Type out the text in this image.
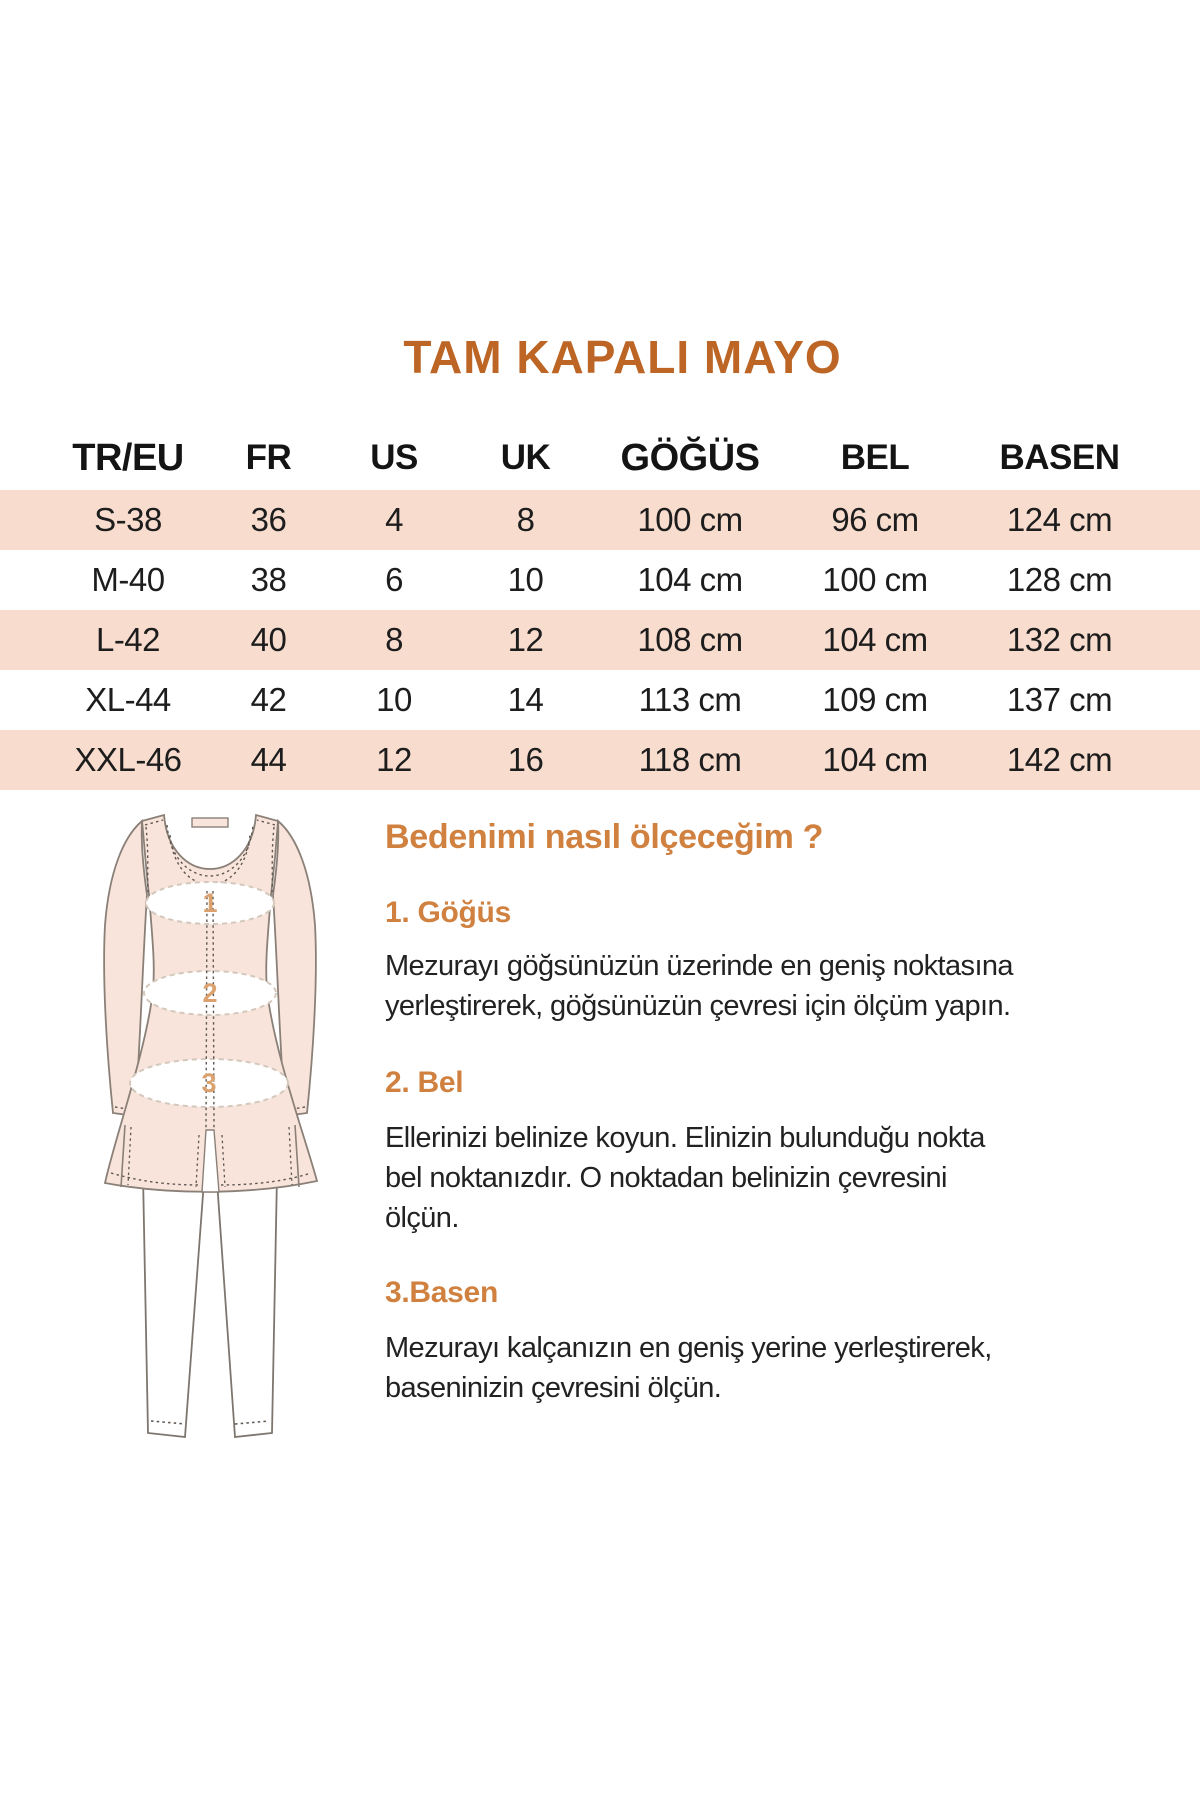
TAM KAPALI MAYO
TR/EU	FR	US	UK	GÖĞÜS	BEL	BASEN
S-38	36	4	8	100 cm	96 cm	124 cm
M-40	38	6	10	104 cm	100 cm	128 cm
L-42	40	8	12	108 cm	104 cm	132 cm
XL-44	42	10	14	113 cm	109 cm	137 cm
XXL-46	44	12	16	118 cm	104 cm	142 cm
1
2
3
Bedenimi nasıl ölçeceğim ?
1. Göğüs
Mezurayı göğsünüzün üzerinde en geniş noktasına
yerleştirerek, göğsünüzün çevresi için ölçüm yapın.
2. Bel
Ellerinizi belinize koyun. Elinizin bulunduğu nokta
bel noktanızdır. O noktadan belinizin çevresini
ölçün.
3.Basen
Mezurayı kalçanızın en geniş yerine yerleştirerek,
baseninizin çevresini ölçün.
